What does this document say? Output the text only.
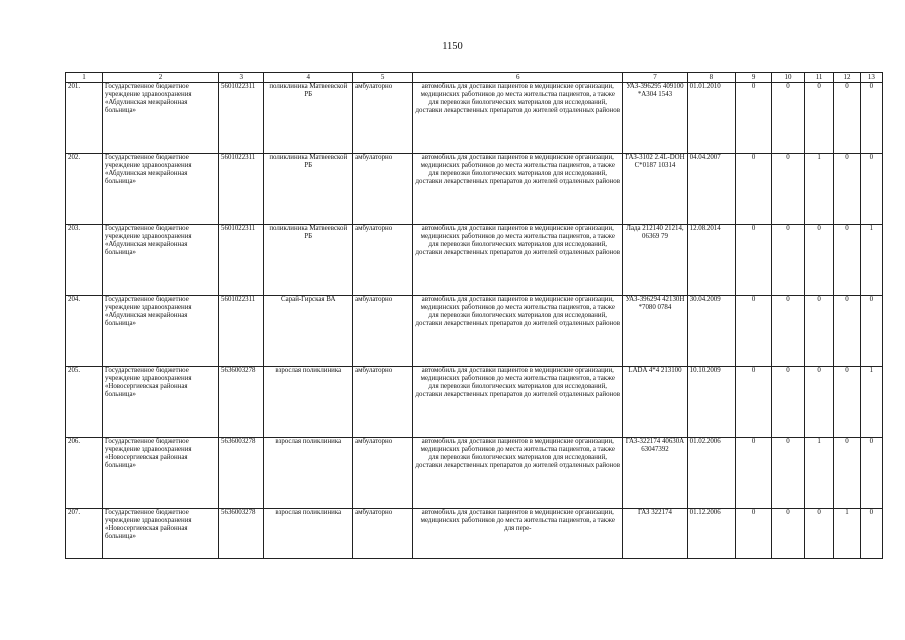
1150
1	2	3	4	5	6	7	8	9	10	11	12	13
201.	Государственное бюджетное учреждение здравоохранения «Абдулинская межрайонная больница»	5601022311	поликлиника Матвеевской РБ	амбулаторно	автомобиль для доставки пациентов в медицинские организации, медицинских работников до места жительства пациентов, а также для перевозки биологических материалов для исследований, доставки лекарственных препаратов до жителей отдаленных районов	УАЗ-396295 409100*А304 1543	01.01.2010	0	0	0	0	0
202.	Государственное бюджетное учреждение здравоохранения «Абдулинская межрайонная больница»	5601022311	поликлиника Матвеевской РБ	амбулаторно	автомобиль для доставки пациентов в медицинские организации, медицинских работников до места жительства пациентов, а также для перевозки биологических материалов для исследований, доставки лекарственных препаратов до жителей отдаленных районов	ГАЗ-3102 2.4L-DOHC*0187 10314	04.04.2007	0	0	1	0	0
203.	Государственное бюджетное учреждение здравоохранения «Абдулинская межрайонная больница»	5601022311	поликлиника Матвеевской РБ	амбулаторно	автомобиль для доставки пациентов в медицинские организации, медицинских работников до места жительства пациентов, а также для перевозки биологических материалов для исследований, доставки лекарственных препаратов до жителей отдаленных районов	Лада 212140 21214,06369 79	12.08.2014	0	0	0	0	1
204.	Государственное бюджетное учреждение здравоохранения «Абдулинская межрайонная больница»	5601022311	Сарай-Гирская ВА	амбулаторно	автомобиль для доставки пациентов в медицинские организации, медицинских работников до места жительства пациентов, а также для перевозки биологических материалов для исследований, доставки лекарственных препаратов до жителей отдаленных районов	УАЗ-396294 42130Н*7080 0784	30.04.2009	0	0	0	0	0
205.	Государственное бюджетное учреждение здравоохранения «Новосергиевская районная больница»	5636003278	взрослая поликлиника	амбулаторно	автомобиль для доставки пациентов в медицинские организации, медицинских работников до места жительства пациентов, а также для перевозки биологических материалов для исследований, доставки лекарственных препаратов до жителей отдаленных районов	LADA 4*4 213100	10.10.2009	0	0	0	0	1
206.	Государственное бюджетное учреждение здравоохранения «Новосергиевская районная больница»	5636003278	взрослая поликлиника	амбулаторно	автомобиль для доставки пациентов в медицинские организации, медицинских работников до места жительства пациентов, а также для перевозки биологических материалов для исследований, доставки лекарственных препаратов до жителей отдаленных районов	ГАЗ-322174 40630А 63047392	01.02.2006	0	0	1	0	0
207.	Государственное бюджетное учреждение здравоохранения «Новосергиевская районная больница»	5636003278	взрослая поликлиника	амбулаторно	автомобиль для доставки пациентов в медицинские организации, медицинских работников до места жительства пациентов, а также для пере-	ГАЗ 322174	01.12.2006	0	0	0	1	0
